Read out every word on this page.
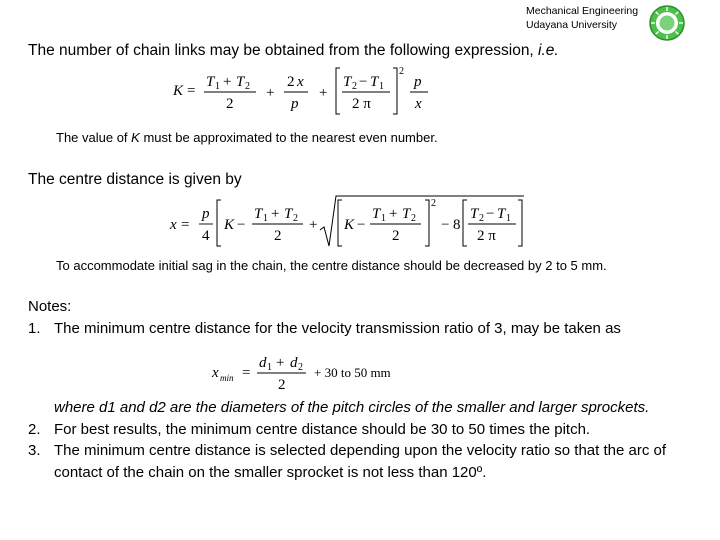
Mechanical Engineering
Udayana University
The number of chain links may be obtained from the following expression, i.e.
K =
T 1 + T 2
2
+
2 x
p
+
T 2 − T 1
2 π
2
p
x
The value of K must be approximated to the nearest even number.
The centre distance is given by
x =
p
4
K −
T 1 + T 2
2
+ K −
T 1 + T 2
2
2
− 8
T 2 − T 1
2 π
To accommodate initial sag in the chain, the centre distance should be decreased by 2 to 5 mm.
Notes:
1. The minimum centre distance for the velocity transmission ratio of 3, may be taken as
x min =
d 1 + d 2
2
+ 30 to 50 mm
where d1 and d2 are the diameters of the pitch circles of the smaller and larger sprockets.
2. For best results, the minimum centre distance should be 30 to 50 times the pitch.
3. The minimum centre distance is selected depending upon the velocity ratio so that the arc of contact of the chain on the smaller sprocket is not less than 120º.
